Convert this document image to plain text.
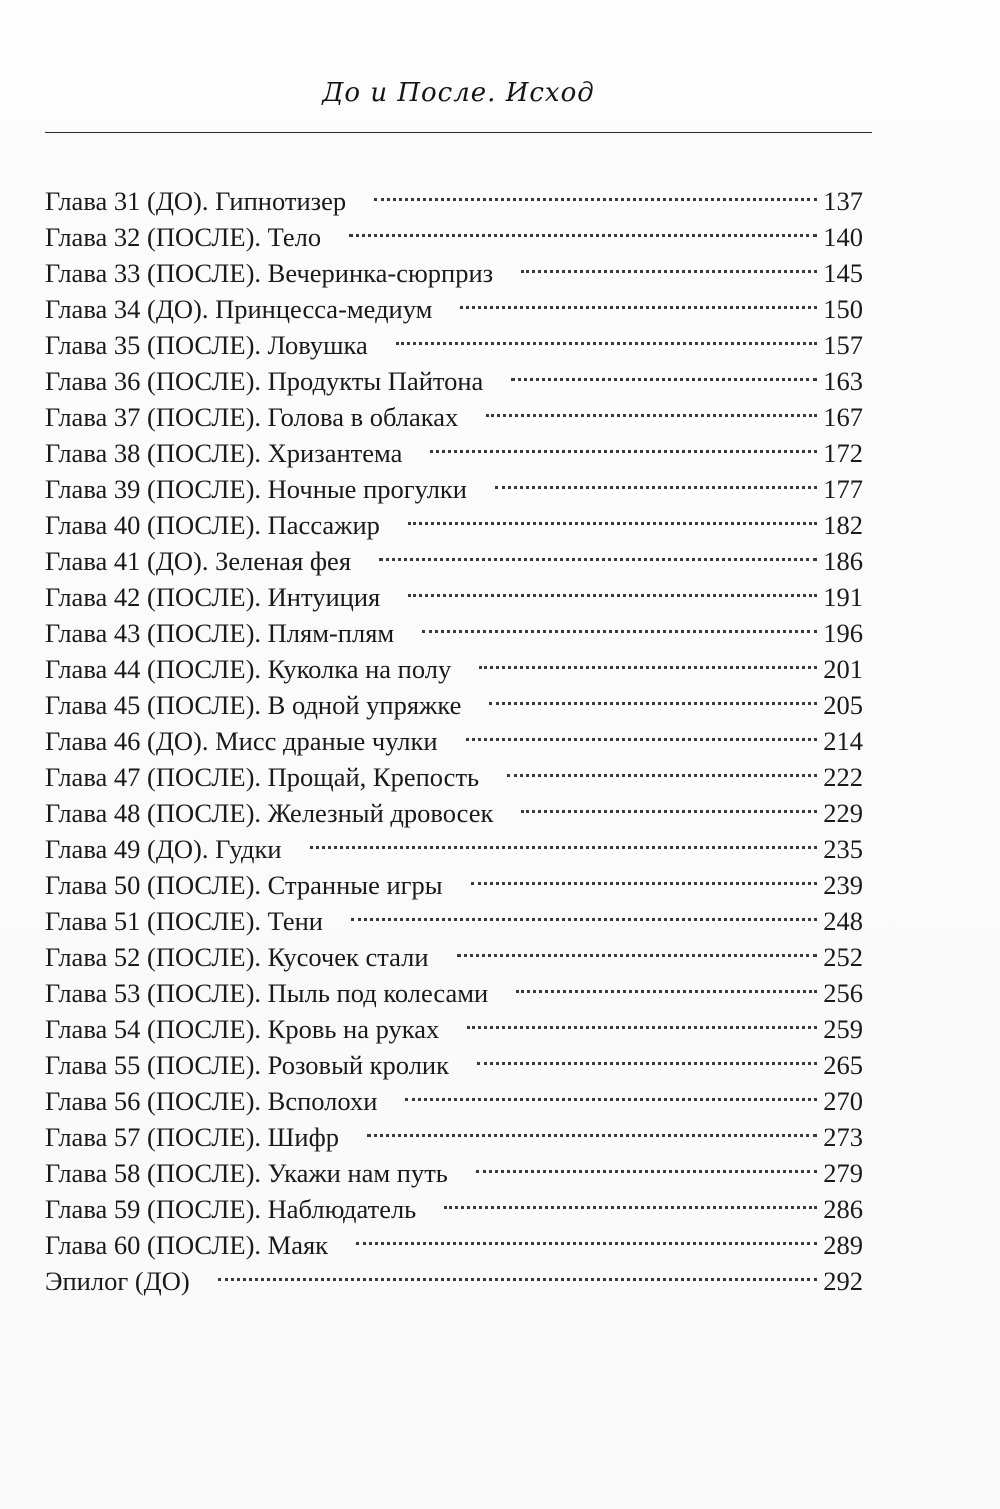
До и После. Исход
Глава 31 (ДО). Гипнотизер	137
Глава 32 (ПОСЛЕ). Тело	140
Глава 33 (ПОСЛЕ). Вечеринка-сюрприз	145
Глава 34 (ДО). Принцесса-медиум	150
Глава 35 (ПОСЛЕ). Ловушка	157
Глава 36 (ПОСЛЕ). Продукты Пайтона	163
Глава 37 (ПОСЛЕ). Голова в облаках	167
Глава 38 (ПОСЛЕ). Хризантема	172
Глава 39 (ПОСЛЕ). Ночные прогулки	177
Глава 40 (ПОСЛЕ). Пассажир	182
Глава 41 (ДО). Зеленая фея	186
Глава 42 (ПОСЛЕ). Интуиция	191
Глава 43 (ПОСЛЕ). Плям-плям	196
Глава 44 (ПОСЛЕ). Куколка на полу	201
Глава 45 (ПОСЛЕ). В одной упряжке	205
Глава 46 (ДО). Мисс драные чулки	214
Глава 47 (ПОСЛЕ). Прощай, Крепость	222
Глава 48 (ПОСЛЕ). Железный дровосек	229
Глава 49 (ДО). Гудки	235
Глава 50 (ПОСЛЕ). Странные игры	239
Глава 51 (ПОСЛЕ). Тени	248
Глава 52 (ПОСЛЕ). Кусочек стали	252
Глава 53 (ПОСЛЕ). Пыль под колесами	256
Глава 54 (ПОСЛЕ). Кровь на руках	259
Глава 55 (ПОСЛЕ). Розовый кролик	265
Глава 56 (ПОСЛЕ). Всполохи	270
Глава 57 (ПОСЛЕ). Шифр	273
Глава 58 (ПОСЛЕ). Укажи нам путь	279
Глава 59 (ПОСЛЕ). Наблюдатель	286
Глава 60 (ПОСЛЕ). Маяк	289
Эпилог (ДО)	292
